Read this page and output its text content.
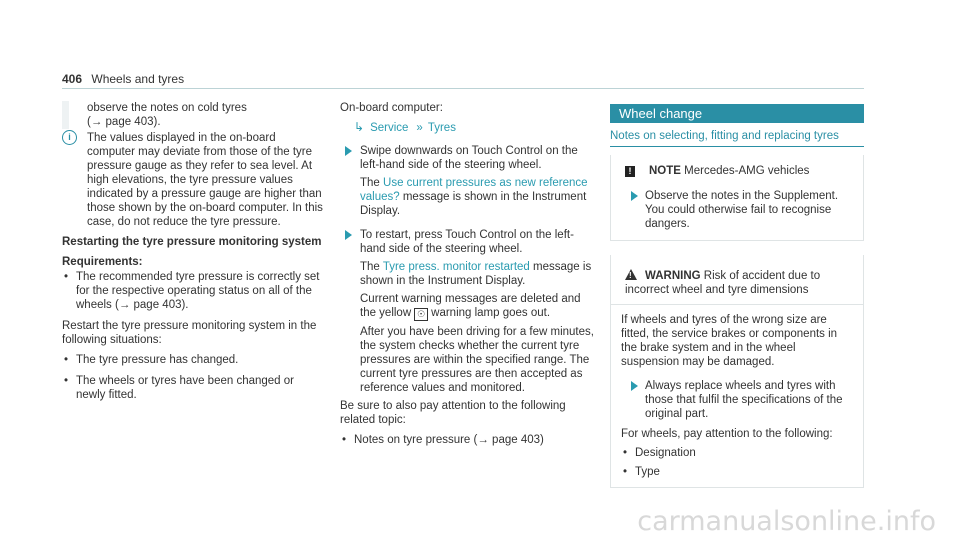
406 Wheels and tyres

observe the notes on cold tyres

(→ page 403).

i	The values displayed in the on-board computer may deviate from those of the tyre pressure gauge as they refer to sea level. At high elevations, the tyre pressure values indicated by a pressure gauge are higher than those shown by the on-board computer. In this case, do not reduce the tyre pressure.

Restarting the tyre pressure monitoring system

Requirements:

• The recommended tyre pressure is correctly set for the respective operating status on all of the wheels (→ page 403).

Restart the tyre pressure monitoring system in the following situations:

• The tyre pressure has changed.
• The wheels or tyres have been changed or newly fitted.

On-board computer:

↳ Service » Tyres

Swipe downwards on Touch Control on the left-hand side of the steering wheel.

The Use current pressures as new reference values? message is shown in the Instrument Display.

To restart, press Touch Control on the left-hand side of the steering wheel.

The Tyre press. monitor restarted message is shown in the Instrument Display.

Current warning messages are deleted and the yellow ☉ warning lamp goes out.

After you have been driving for a few minutes, the system checks whether the current tyre pressures are within the specified range. The current tyre pressures are then accepted as reference values and monitored.

Be sure to also pay attention to the following related topic:

• Notes on tyre pressure (→ page 403)
Wheel change
Notes on selecting, fitting and replacing tyres
! NOTE Mercedes-AMG vehicles

Observe the notes in the Supplement. You could otherwise fail to recognise dangers.

! WARNING Risk of accident due to incorrect wheel and tyre dimensions

If wheels and tyres of the wrong size are fitted, the service brakes or components in the brake system and in the wheel suspension may be damaged.

Always replace wheels and tyres with those that fulfil the specifications of the original part.

For wheels, pay attention to the following:

• Designation
• Type
carmanualsonline.info
